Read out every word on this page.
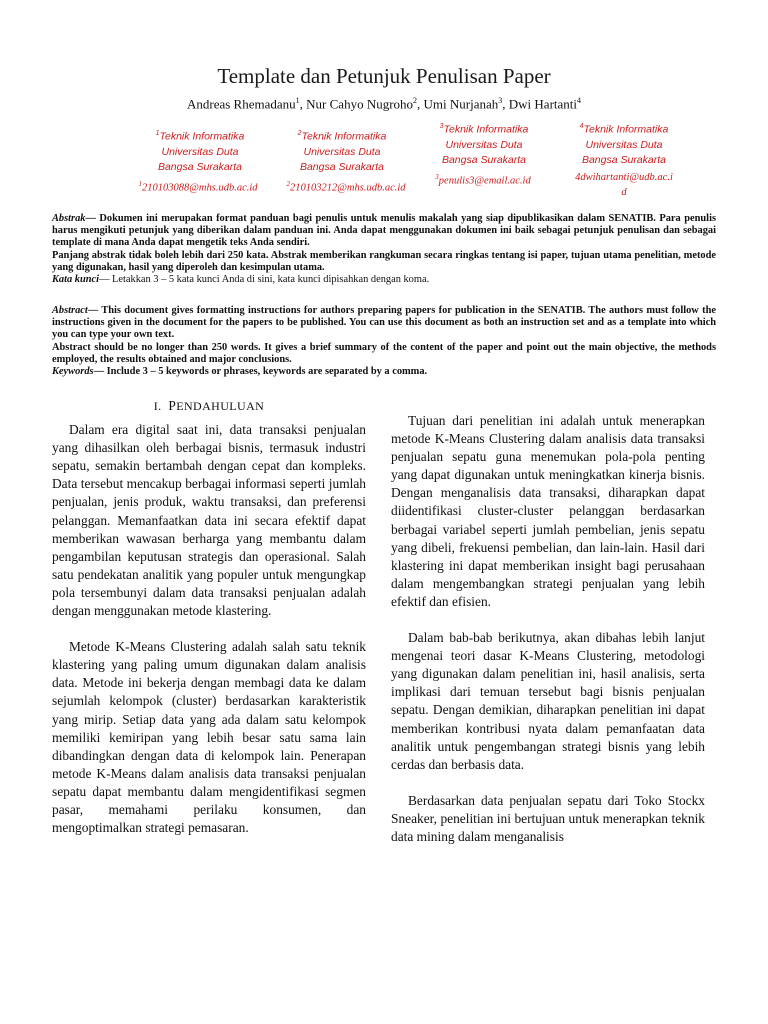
Template dan Petunjuk Penulisan Paper
Andreas Rhemadanu$^1$, Nur Cahyo Nugroho$^2$, Umi Nurjanah$^3$, Dwi Hartanti$^4$
$^1$Teknik Informatika
Universitas Duta
Bangsa Surakarta
$^1$210103088@mhs.udb.ac.id
$^2$Teknik Informatika
Universitas Duta
Bangsa Surakarta
$^2$210103212@mhs.udb.ac.id
$^3$Teknik Informatika
Universitas Duta
Bangsa Surakarta
$^3$penulis3@email.ac.id
$^4$Teknik Informatika
Universitas Duta
Bangsa Surakarta
4dwihartanti@udb.ac.i
d

Abstrak— Dokumen ini merupakan format panduan bagi penulis untuk menulis makalah yang siap dipublikasikan dalam SENATIB. Para penulis harus mengikuti petunjuk yang diberikan dalam panduan ini. Anda dapat menggunakan dokumen ini baik sebagai petunjuk penulisan dan sebagai template di mana Anda dapat mengetik teks Anda sendiri.

Panjang abstrak tidak boleh lebih dari 250 kata. Abstrak memberikan rangkuman secara ringkas tentang isi paper, tujuan utama penelitian, metode yang digunakan, hasil yang diperoleh dan kesimpulan utama.

Kata kunci— Letakkan 3 – 5 kata kunci Anda di sini, kata kunci dipisahkan dengan koma.

Abstract— This document gives formatting instructions for authors preparing papers for publication in the SENATIB. The authors must follow the instructions given in the document for the papers to be published. You can use this document as both an instruction set and as a template into which you can type your own text.

Abstract should be no longer than 250 words. It gives a brief summary of the content of the paper and point out the main objective, the methods employed, the results obtained and major conclusions.

Keywords— Include 3 – 5 keywords or phrases, keywords are separated by a comma.

I. PENDAHULUAN

Dalam era digital saat ini, data transaksi penjualan yang dihasilkan oleh berbagai bisnis, termasuk industri sepatu, semakin bertambah dengan cepat dan kompleks. Data tersebut mencakup berbagai informasi seperti jumlah penjualan, jenis produk, waktu transaksi, dan preferensi pelanggan. Memanfaatkan data ini secara efektif dapat memberikan wawasan berharga yang membantu dalam pengambilan keputusan strategis dan operasional. Salah satu pendekatan analitik yang populer untuk mengungkap pola tersembunyi dalam data transaksi penjualan adalah dengan menggunakan metode klastering.

Metode K-Means Clustering adalah salah satu teknik klastering yang paling umum digunakan dalam analisis data. Metode ini bekerja dengan membagi data ke dalam sejumlah kelompok (cluster) berdasarkan karakteristik yang mirip. Setiap data yang ada dalam satu kelompok memiliki kemiripan yang lebih besar satu sama lain dibandingkan dengan data di kelompok lain. Penerapan metode K-Means dalam analisis data transaksi penjualan sepatu dapat membantu dalam mengidentifikasi segmen pasar, memahami perilaku konsumen, dan mengoptimalkan strategi pemasaran.

Tujuan dari penelitian ini adalah untuk menerapkan metode K-Means Clustering dalam analisis data transaksi penjualan sepatu guna menemukan pola-pola penting yang dapat digunakan untuk meningkatkan kinerja bisnis. Dengan menganalisis data transaksi, diharapkan dapat diidentifikasi cluster-cluster pelanggan berdasarkan berbagai variabel seperti jumlah pembelian, jenis sepatu yang dibeli, frekuensi pembelian, dan lain-lain. Hasil dari klastering ini dapat memberikan insight bagi perusahaan dalam mengembangkan strategi penjualan yang lebih efektif dan efisien.

Dalam bab-bab berikutnya, akan dibahas lebih lanjut mengenai teori dasar K-Means Clustering, metodologi yang digunakan dalam penelitian ini, hasil analisis, serta implikasi dari temuan tersebut bagi bisnis penjualan sepatu. Dengan demikian, diharapkan penelitian ini dapat memberikan kontribusi nyata dalam pemanfaatan data analitik untuk pengembangan strategi bisnis yang lebih cerdas dan berbasis data.

Berdasarkan data penjualan sepatu dari Toko Stockx Sneaker, penelitian ini bertujuan untuk menerapkan teknik data mining dalam menganalisis
